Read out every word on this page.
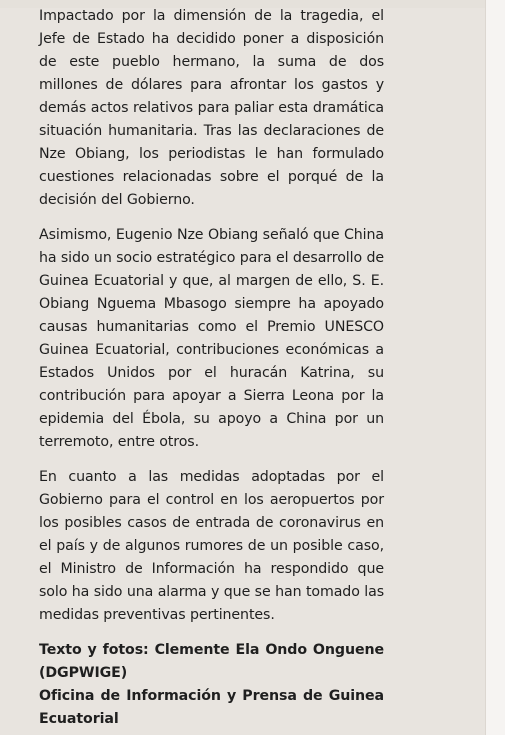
Impactado por la dimensión de la tragedia, el Jefe de Estado ha decidido poner a disposición de este pueblo hermano, la suma de dos millones de dólares para afrontar los gastos y demás actos relativos para paliar esta dramática situación humanitaria. Tras las declaraciones de Nze Obiang, los periodistas le han formulado cuestiones relacionadas sobre el porqué de la decisión del Gobierno.

Asimismo, Eugenio Nze Obiang señaló que China ha sido un socio estratégico para el desarrollo de Guinea Ecuatorial y que, al margen de ello, S. E. Obiang Nguema Mbasogo siempre ha apoyado causas humanitarias como el Premio UNESCO Guinea Ecuatorial, contribuciones económicas a Estados Unidos por el huracán Katrina, su contribución para apoyar a Sierra Leona por la epidemia del Ébola, su apoyo a China por un terremoto, entre otros.

En cuanto a las medidas adoptadas por el Gobierno para el control en los aeropuertos por los posibles casos de entrada de coronavirus en el país y de algunos rumores de un posible caso, el Ministro de Información ha respondido que solo ha sido una alarma y que se han tomado las medidas preventivas pertinentes.

Texto y fotos: Clemente Ela Ondo Onguene (DGPWIGE)

Oficina de Información y Prensa de Guinea Ecuatorial
